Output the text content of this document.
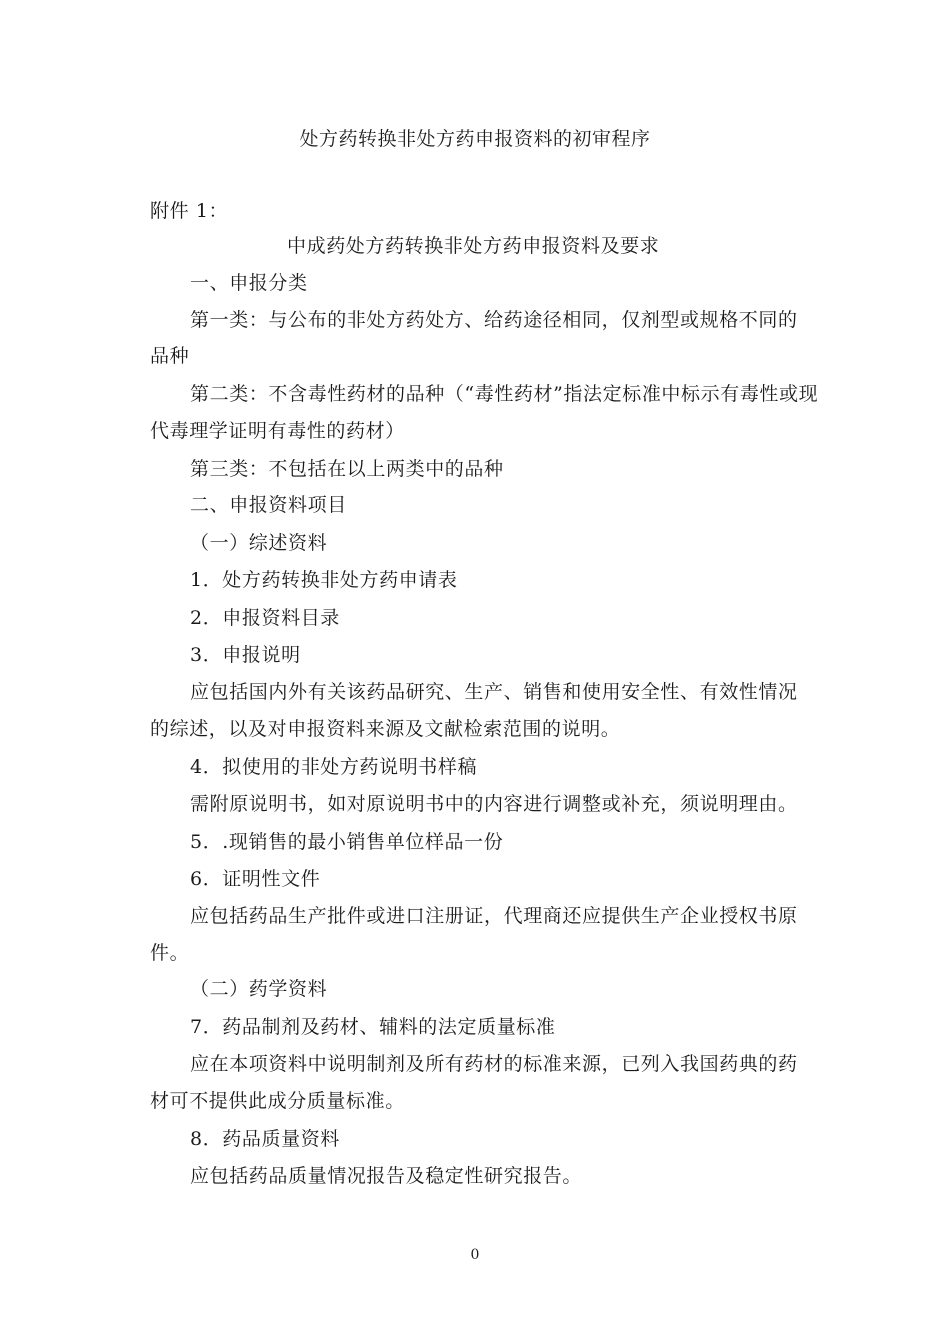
处方药转换非处方药申报资料的初审程序
附件 1：
中成药处方药转换非处方药申报资料及要求
一、申报分类
第一类：与公布的非处方药处方、给药途径相同，仅剂型或规格不同的
品种
第二类：不含毒性药材的品种（“毒性药材”指法定标准中标示有毒性或现
代毒理学证明有毒性的药材）
第三类：不包括在以上两类中的品种
二、申报资料项目
（一）综述资料
1．处方药转换非处方药申请表
2．申报资料目录
3．申报说明
应包括国内外有关该药品研究、生产、销售和使用安全性、有效性情况
的综述，以及对申报资料来源及文献检索范围的说明。
4．拟使用的非处方药说明书样稿
需附原说明书，如对原说明书中的内容进行调整或补充，须说明理由。
5．.现销售的最小销售单位样品一份
6．证明性文件
应包括药品生产批件或进口注册证，代理商还应提供生产企业授权书原
件。
（二）药学资料
7．药品制剂及药材、辅料的法定质量标准
应在本项资料中说明制剂及所有药材的标准来源，已列入我国药典的药
材可不提供此成分质量标准。
8．药品质量资料
应包括药品质量情况报告及稳定性研究报告。
0
